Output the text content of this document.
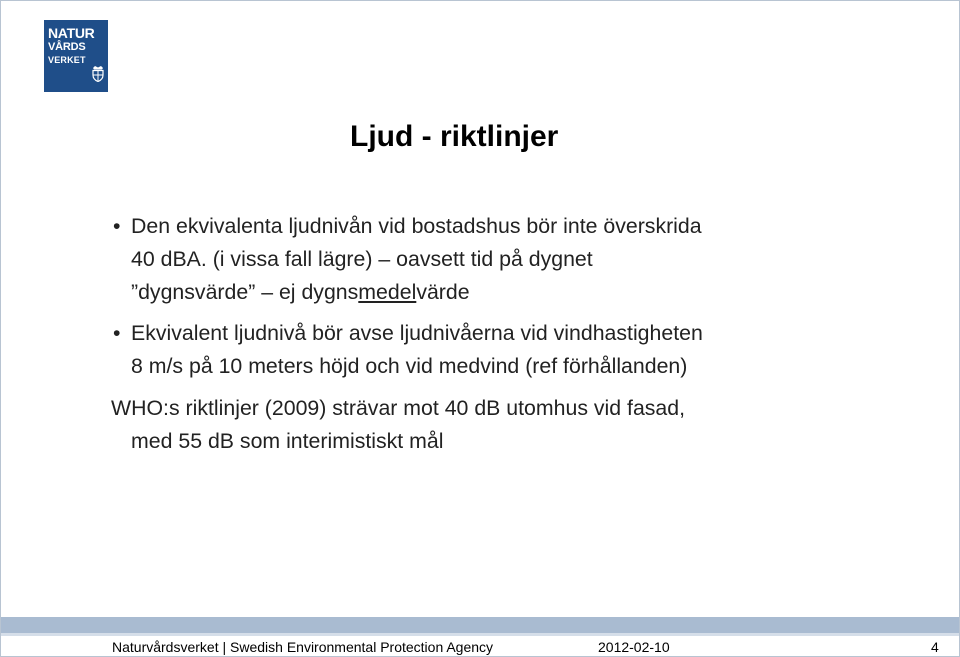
NATUR
VÅRDS
VERKET
Ljud - riktlinjer
• Den ekvivalenta ljudnivån vid bostadshus bör inte överskrida
40 dBA. (i vissa fall lägre) – oavsett tid på dygnet
”dygnsvärde” – ej dygnsmedelvärde
• Ekvivalent ljudnivå bör avse ljudnivåerna vid vindhastigheten
8 m/s på 10 meters höjd och vid medvind (ref förhållanden)
WHO:s riktlinjer (2009) strävar mot 40 dB utomhus vid fasad,
med 55 dB som interimistiskt mål
Naturvårdsverket | Swedish Environmental Protection Agency	2012-02-10	4
